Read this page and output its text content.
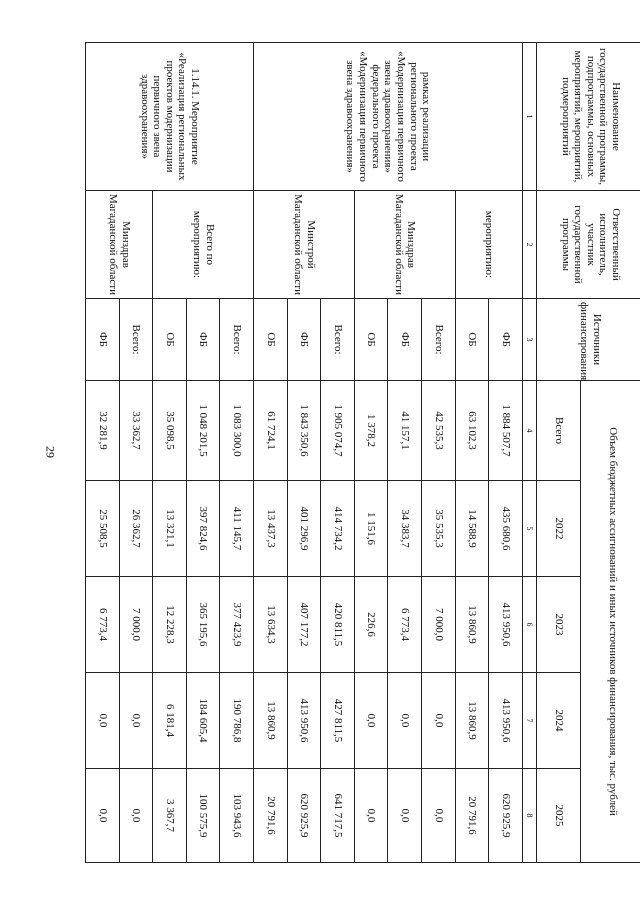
29
Наименование государственной программы, подпрограммы, основных мероприятий, мероприятий, подмероприятий	Ответственный исполнитель, участник государственной программы	Источники финансирования	Объем бюджетных ассигнований и иных источников финансирования, тыс. рублей				
			Всего	2022	2023	2024	2025
1	2	3	4	5	6	7	8
рамках реализации регионального проекта «Модернизация первичного звена здравоохранения» федерального проекта «Модернизация первичного звена здравоохранения»	мероприятию:	ФБ	1 884 507,7	435 680,6	413 950,6	413 950,6	620 925,9
		ОБ	63 102,3	14 588,9	13 860,9	13 860,9	20 791,6
	Минздрав Магаданской области	Всего:	42 535,3	35 535,3	7 000,0	0,0	0,0
		ФБ	41 157,1	34 383,7	6 773,4	0,0	0,0
		ОБ	1 378,2	1 151,6	226,6	0,0	0,0
	Минстрой Магаданской области	Всего:	1 905 074,7	414 734,2	420 811,5	427 811,5	641 717,5
		ФБ	1 843 350,6	401 296,9	407 177,2	413 950,6	620 925,9
		ОБ	61 724,1	13 437,3	13 634,3	13 860,9	20 791,6
1.14.1. Мероприятие «Реализация региональных проектов модернизации первичного звена здравоохранения»	Всего по мероприятию:	Всего:	1 083 300,0	411 145,7	377 423,9	190 786,8	103 943,6
		ФБ	1 048 201,5	397 824,6	365 195,6	184 605,4	100 575,9
		ОБ	35 098,5	13 321,1	12 228,3	6 181,4	3 367,7
	Минздрав Магаданской области	Всего:	33 362,7	26 362,7	7 000,0	0,0	0,0
		ФБ	32 281,9	25 508,5	6 773,4	0,0	0,0
